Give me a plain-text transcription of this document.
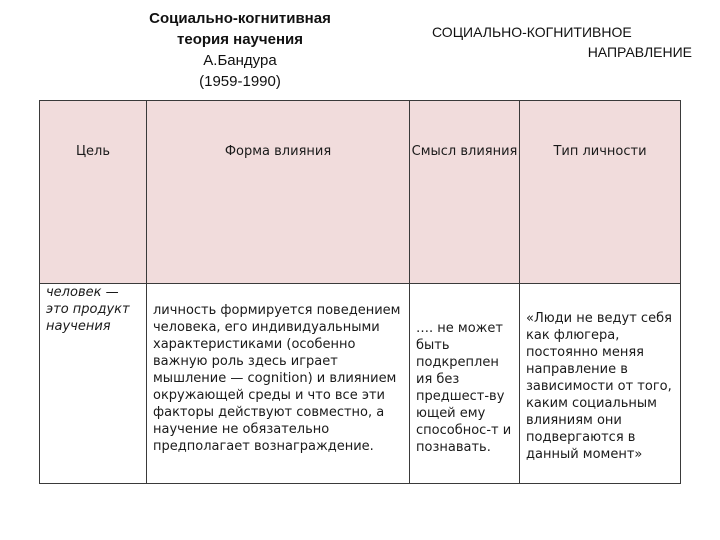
Социально-когнитивная
теория научения
А.Бандура
(1959-1990)
СОЦИАЛЬНО-КОГНИТИВНОЕ
НАПРАВЛЕНИЕ
Цель	Форма влияния	Смысл влияния	Тип личности
человек — это продукт научения	личность формируется поведением человека, его индивидуальными характеристиками (особенно важную роль здесь играет мышление — cognition) и влиянием окружающей среды и что все эти факторы действуют совместно, а научение не обязательно предполагает вознаграждение.	…. не может быть подкреплен ия без предшест-ву ющей ему способнос-т и познавать.	«Люди не ведут себя как флюгера, постоянно меняя направление в зависимости от того, каким социальным влияниям они подвергаются в данный момент»
